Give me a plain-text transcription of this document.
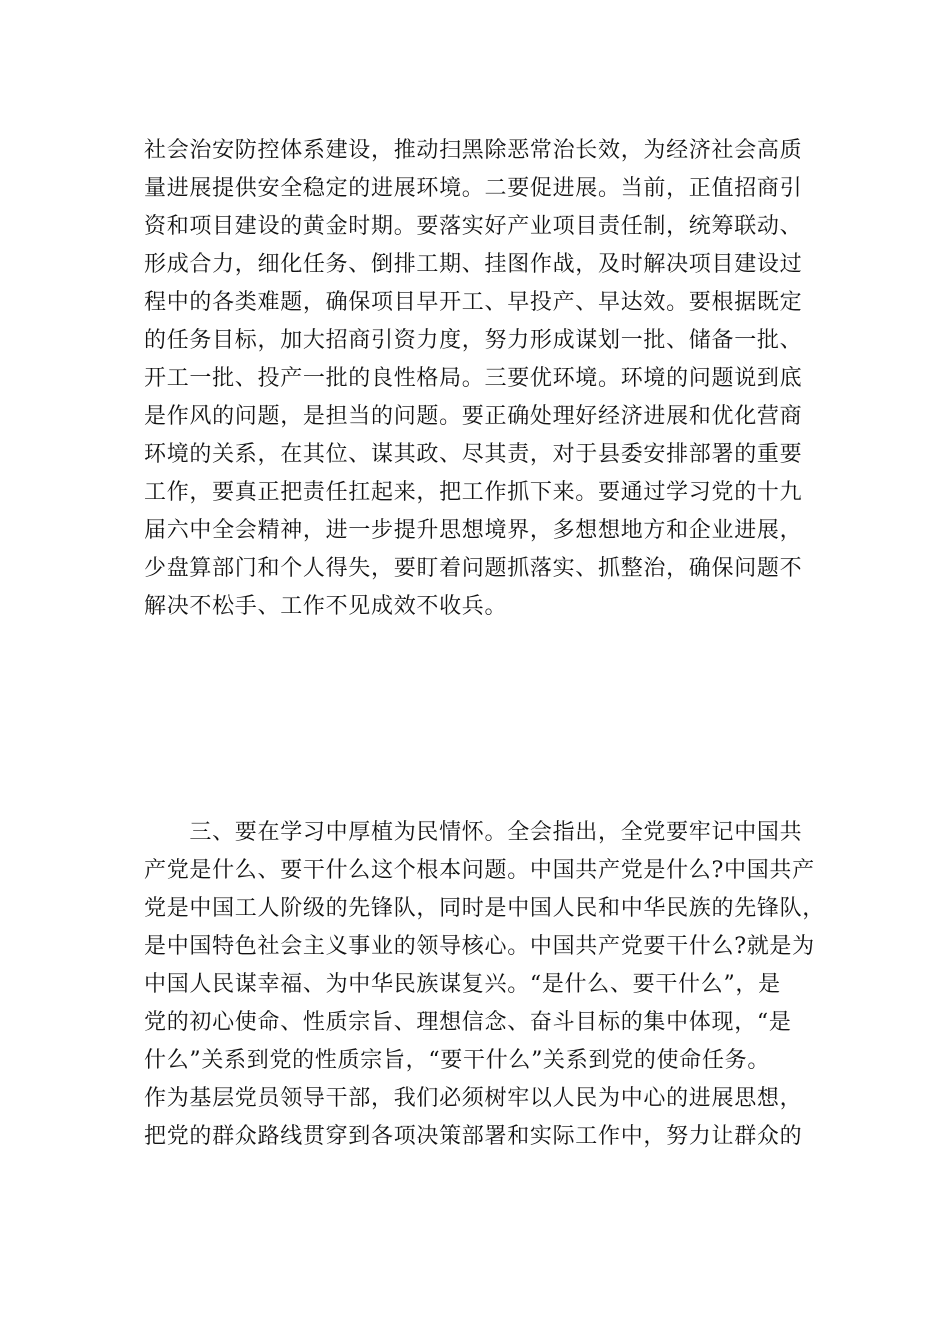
社会治安防控体系建设，推动扫黑除恶常治长效，为经济社会高质
量进展提供安全稳定的进展环境。二要促进展。当前，正值招商引
资和项目建设的黄金时期。要落实好产业项目责任制，统筹联动、
形成合力，细化任务、倒排工期、挂图作战，及时解决项目建设过
程中的各类难题，确保项目早开工、早投产、早达效。要根据既定
的任务目标，加大招商引资力度，努力形成谋划一批、储备一批、
开工一批、投产一批的良性格局。三要优环境。环境的问题说到底
是作风的问题，是担当的问题。要正确处理好经济进展和优化营商
环境的关系，在其位、谋其政、尽其责，对于县委安排部署的重要
工作，要真正把责任扛起来，把工作抓下来。要通过学习党的十九
届六中全会精神，进一步提升思想境界，多想想地方和企业进展，
少盘算部门和个人得失，要盯着问题抓落实、抓整治，确保问题不
解决不松手、工作不见成效不收兵。
　　三、要在学习中厚植为民情怀。全会指出，全党要牢记中国共
产党是什么、要干什么这个根本问题。中国共产党是什么?中国共产
党是中国工人阶级的先锋队，同时是中国人民和中华民族的先锋队，
是中国特色社会主义事业的领导核心。中国共产党要干什么?就是为
中国人民谋幸福、为中华民族谋复兴。“是什么、要干什么”，是
党的初心使命、性质宗旨、理想信念、奋斗目标的集中体现，“是
什么”关系到党的性质宗旨，“要干什么”关系到党的使命任务。
作为基层党员领导干部，我们必须树牢以人民为中心的进展思想，
把党的群众路线贯穿到各项决策部署和实际工作中，努力让群众的
